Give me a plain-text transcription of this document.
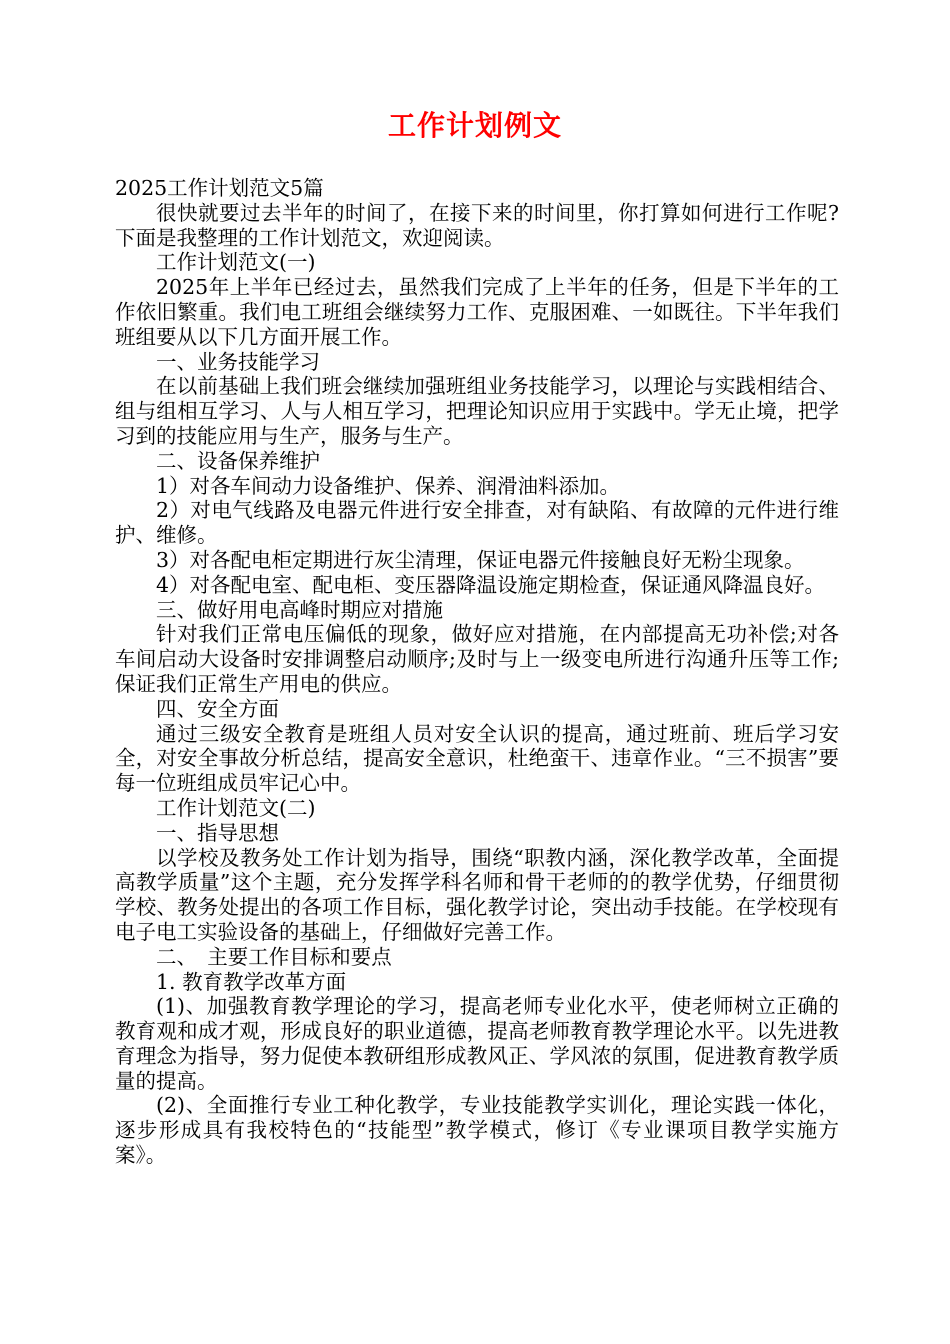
工作计划例文

2025工作计划范文5篇

很快就要过去半年的时间了，在接下来的时间里，你打算如何进行工作呢?下面是我整理的工作计划范文，欢迎阅读。

工作计划范文(一)

2025年上半年已经过去，虽然我们完成了上半年的任务，但是下半年的工作依旧繁重。我们电工班组会继续努力工作、克服困难、一如既往。下半年我们班组要从以下几方面开展工作。

一、业务技能学习

在以前基础上我们班会继续加强班组业务技能学习，以理论与实践相结合、组与组相互学习、人与人相互学习，把理论知识应用于实践中。学无止境，把学习到的技能应用与生产，服务与生产。

二、设备保养维护

1）对各车间动力设备维护、保养、润滑油料添加。

2）对电气线路及电器元件进行安全排查，对有缺陷、有故障的元件进行维护、维修。

3）对各配电柜定期进行灰尘清理，保证电器元件接触良好无粉尘现象。

4）对各配电室、配电柜、变压器降温设施定期检查，保证通风降温良好。

三、做好用电高峰时期应对措施

针对我们正常电压偏低的现象，做好应对措施，在内部提高无功补偿;对各车间启动大设备时安排调整启动顺序;及时与上一级变电所进行沟通升压等工作;保证我们正常生产用电的供应。

四、安全方面

通过三级安全教育是班组人员对安全认识的提高，通过班前、班后学习安全，对安全事故分析总结，提高安全意识，杜绝蛮干、违章作业。“三不损害”要每一位班组成员牢记心中。

工作计划范文(二)

一、指导思想

以学校及教务处工作计划为指导，围绕“职教内涵，深化教学改革，全面提高教学质量”这个主题，充分发挥学科名师和骨干老师的的教学优势，仔细贯彻学校、教务处提出的各项工作目标，强化教学讨论，突出动手技能。在学校现有电子电工实验设备的基础上，仔细做好完善工作。

二、　主要工作目标和要点

1. 教育教学改革方面

(1)、加强教育教学理论的学习，提高老师专业化水平，使老师树立正确的教育观和成才观，形成良好的职业道德，提高老师教育教学理论水平。以先进教育理念为指导，努力促使本教研组形成教风正、学风浓的氛围，促进教育教学质量的提高。

(2)、全面推行专业工种化教学，专业技能教学实训化，理论实践一体化，逐步形成具有我校特色的“技能型”教学模式，修订《专业课项目教学实施方案》。
